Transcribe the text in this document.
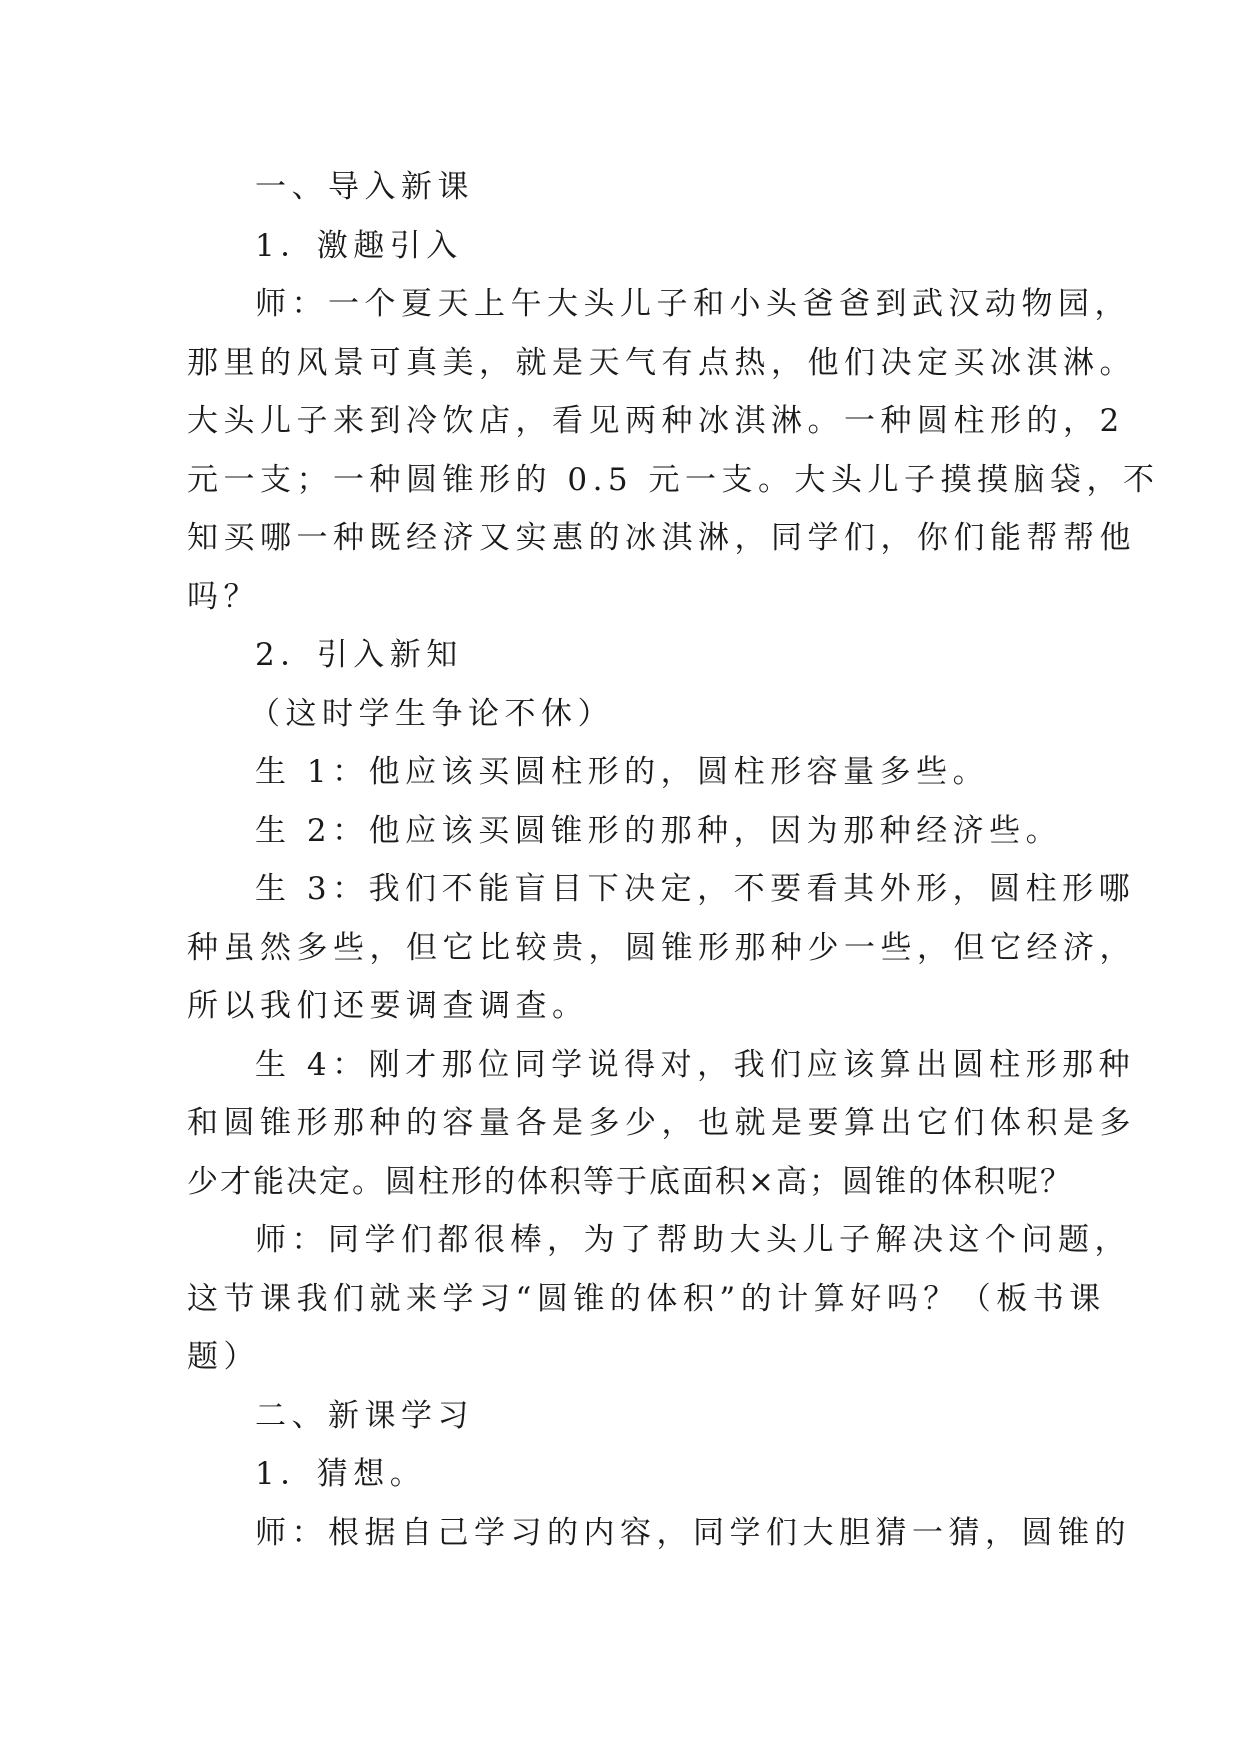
一、导入新课
1．激趣引入
师：一个夏天上午大头儿子和小头爸爸到武汉动物园，
那里的风景可真美，就是天气有点热，他们决定买冰淇淋。
大头儿子来到冷饮店，看见两种冰淇淋。一种圆柱形的，2
元一支；一种圆锥形的 0.5 元一支。大头儿子摸摸脑袋，不
知买哪一种既经济又实惠的冰淇淋，同学们，你们能帮帮他
吗？
2．引入新知
（这时学生争论不休）
生 1：他应该买圆柱形的，圆柱形容量多些。
生 2：他应该买圆锥形的那种，因为那种经济些。
生 3：我们不能盲目下决定，不要看其外形，圆柱形哪
种虽然多些，但它比较贵，圆锥形那种少一些，但它经济，
所以我们还要调查调查。
生 4：刚才那位同学说得对，我们应该算出圆柱形那种
和圆锥形那种的容量各是多少，也就是要算出它们体积是多
少才能决定。圆柱形的体积等于底面积×高；圆锥的体积呢？
师：同学们都很棒，为了帮助大头儿子解决这个问题，
这节课我们就来学习“圆锥的体积”的计算好吗？（板书课
题）
二、新课学习
1．猜想。
师：根据自己学习的内容，同学们大胆猜一猜，圆锥的
